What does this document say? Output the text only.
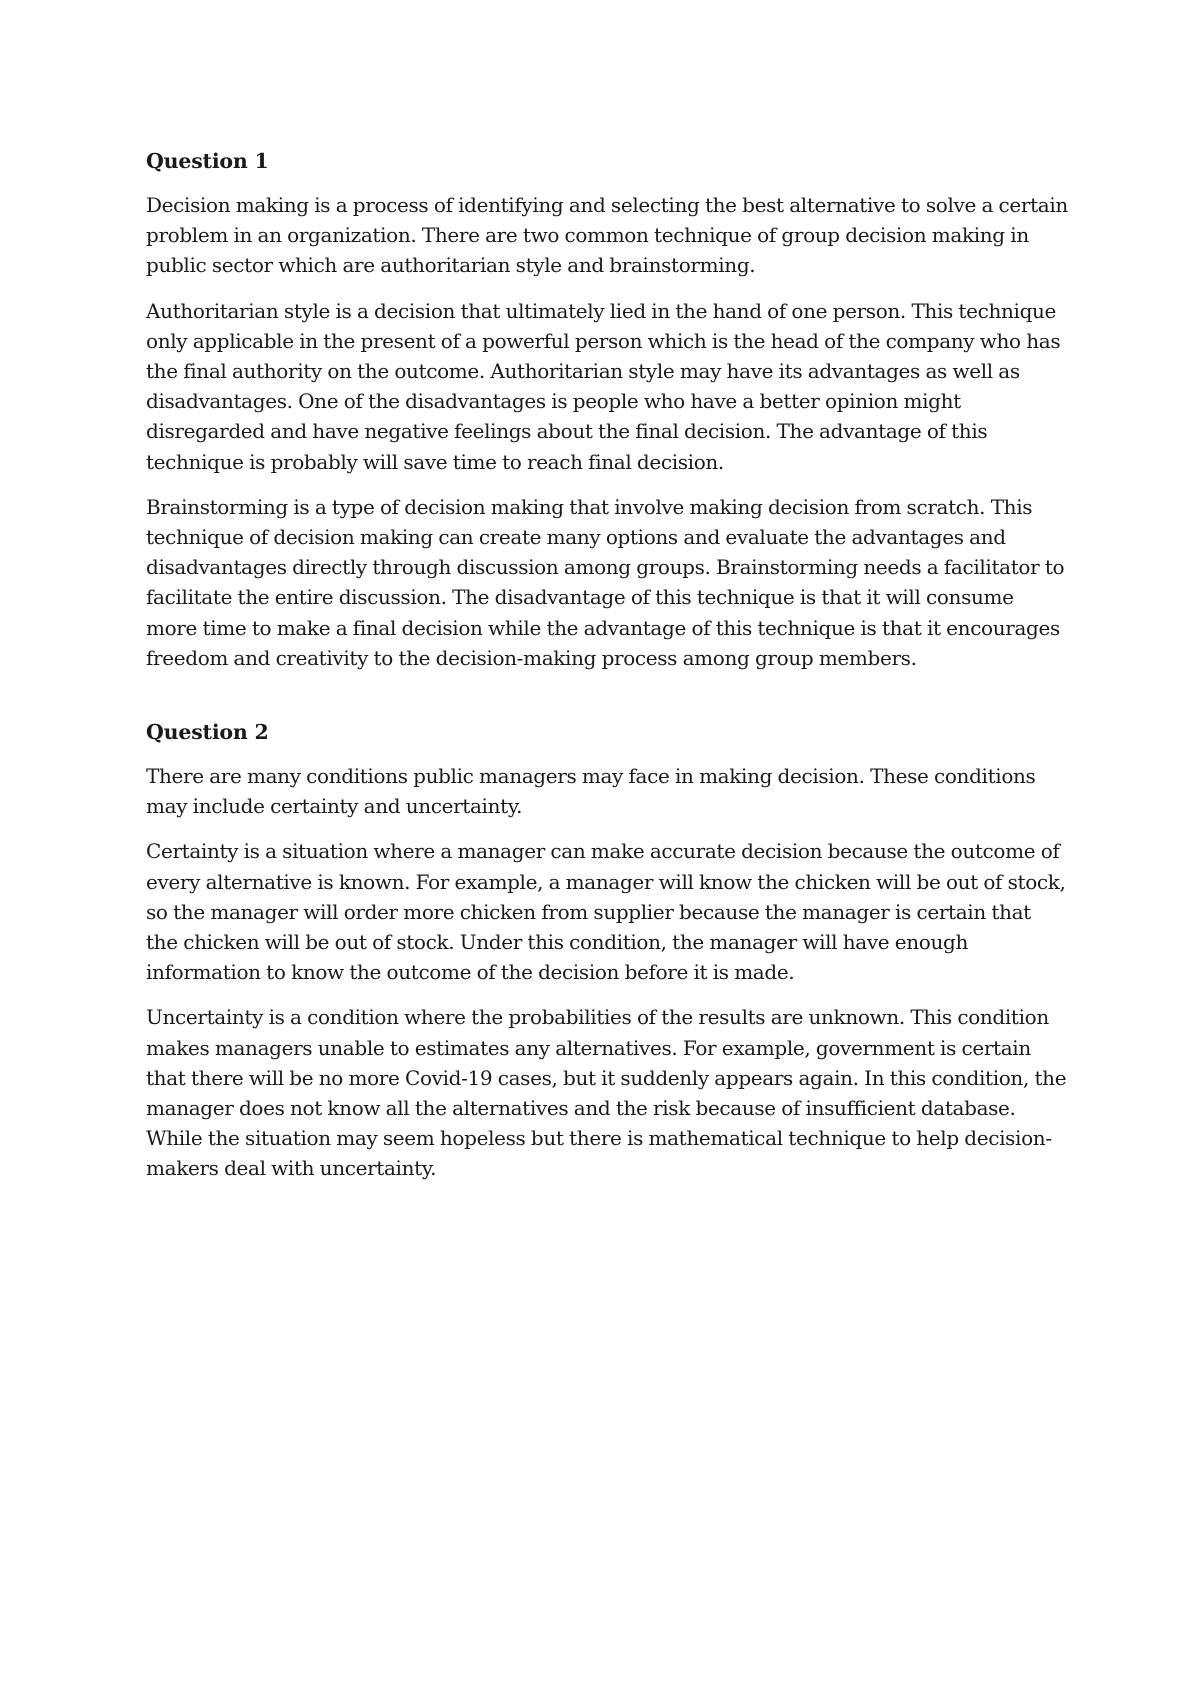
Question 1

Decision making is a process of identifying and selecting the best alternative to solve a certain problem in an organization. There are two common technique of group decision making in public sector which are authoritarian style and brainstorming.

Authoritarian style is a decision that ultimately lied in the hand of one person. This technique only applicable in the present of a powerful person which is the head of the company who has the final authority on the outcome. Authoritarian style may have its advantages as well as disadvantages. One of the disadvantages is people who have a better opinion might disregarded and have negative feelings about the final decision. The advantage of this technique is probably will save time to reach final decision.

Brainstorming is a type of decision making that involve making decision from scratch. This technique of decision making can create many options and evaluate the advantages and disadvantages directly through discussion among groups. Brainstorming needs a facilitator to facilitate the entire discussion. The disadvantage of this technique is that it will consume more time to make a final decision while the advantage of this technique is that it encourages freedom and creativity to the decision-making process among group members.

Question 2

There are many conditions public managers may face in making decision. These conditions may include certainty and uncertainty.

Certainty is a situation where a manager can make accurate decision because the outcome of every alternative is known. For example, a manager will know the chicken will be out of stock, so the manager will order more chicken from supplier because the manager is certain that the chicken will be out of stock. Under this condition, the manager will have enough information to know the outcome of the decision before it is made.

Uncertainty is a condition where the probabilities of the results are unknown. This condition makes managers unable to estimates any alternatives. For example, government is certain that there will be no more Covid-19 cases, but it suddenly appears again. In this condition, the manager does not know all the alternatives and the risk because of insufficient database. While the situation may seem hopeless but there is mathematical technique to help decision-makers deal with uncertainty.
